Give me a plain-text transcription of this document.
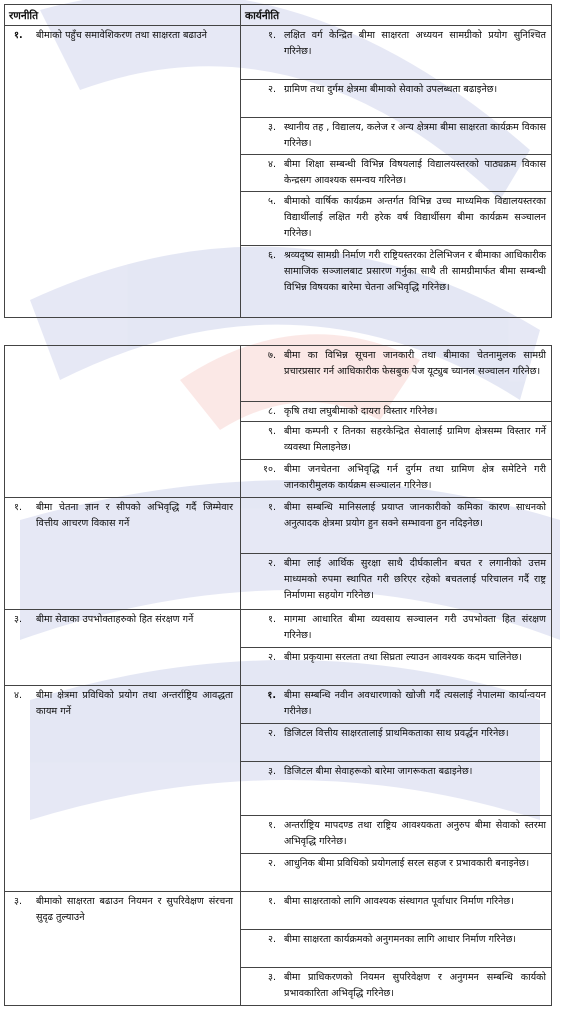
रणनीति	कार्यनीति

१. बीमाको पहुँच समावेशिकरण तथा साक्षरता बढाउने	१. लक्षित वर्ग केन्द्रित बीमा साक्षरता अध्ययन सामग्रीको प्रयोग सुनिश्चित गरिनेछ।

	२. ग्रामिण तथा दुर्गम क्षेत्रमा बीमाको सेवाको उपलब्धता बढाइनेछ।

	३. स्थानीय तह , विद्यालय, कलेज र अन्य क्षेत्रमा बीमा साक्षरता कार्यक्रम विकास गरिनेछ।

	४. बीमा शिक्षा सम्बन्धी विभिन्न विषयलाई विद्यालयस्तरको पाठ्यक्रम विकास केन्द्रसग आवश्यक समन्वय गरिनेछ।

	५. बीमाको वार्षिक कार्यक्रम अन्तर्गत विभिन्न उच्च माध्यमिक विद्यालयस्तरका विद्यार्थीलाई लक्षित गरी हरेक वर्ष विद्यार्थीसग बीमा कार्यक्रम सञ्चालन गरिनेछ।

	६. श्रव्यदृष्य सामग्री निर्माण गरी राष्ट्रियस्तरका टेलिभिजन र बीमाका आधिकारीक सामाजिक सञ्जालबाट प्रसारण गर्नुका साथै ती सामग्रीमार्फत बीमा सम्बन्धी विभिन्न विषयका बारेमा चेतना अभिवृद्धि गरिनेछ।

	७. बीमा का विभिन्न सूचना जानकारी तथा बीमाका चेतनामुलक सामग्री प्रचारप्रसार गर्न आधिकारीक फेसबुक पेज यूट्युब च्यानल सञ्चालन गरिनेछ।

	८. कृषि तथा लघुबीमाको दायरा विस्तार गरिनेछ।

	९. बीमा कम्पनी र तिनका सहरकेन्द्रित सेवालाई ग्रामिण क्षेत्रसम्म विस्तार गर्ने व्यवस्था मिलाइनेछ।

	१०. बीमा जनचेतना अभिवृद्धि गर्न दुर्गम तथा ग्रामिण क्षेत्र समेटिने गरी जानकारीमुलक कार्यक्रम सञ्चालन गरिनेछ।

१. बीमा चेतना ज्ञान र सीपको अभिवृद्धि गर्दै जिम्मेवार वित्तीय आचरण विकास गर्ने	१. बीमा सम्बन्धि मानिसलाई प्रयाप्त जानकारीको कमिका कारण साधनको अनुत्पादक क्षेत्रमा प्रयोग हुन सक्ने सम्भावना हुन नदिइनेछ।

	२. बीमा लाई आर्थिक सुरक्षा साथै दीर्घकालीन बचत र लगानीको उत्तम माध्यमको रुपमा स्थापित गरी छरिएर रहेको बचतलाई परिचालन गर्दै राष्ट्र निर्माणमा सहयोग गरिनेछ।

३. बीमा सेवाका उपभोक्ताहरुको हित संरक्षण गर्ने	१. मागमा आधारित बीमा व्यवसाय सञ्चालन गरी उपभोक्ता हित संरक्षण गरिनेछ।

	२. बीमा प्रकृयामा सरलता तथा सिघ्रता ल्याउन आवश्यक कदम चालिनेछ।

४. बीमा क्षेत्रमा प्रविधिको प्रयोग तथा अन्तर्राष्ट्रिय आवद्धता कायम गर्ने	१. बीमा सम्बन्धि नवीन अवधारणाको खोजी गर्दै त्यसलाई नेपालमा कार्यान्वयन गरीनेछ।

	२. डिजिटल वित्तीय साक्षरतालाई प्राथमिकताका साथ प्रवर्द्धन गरिनेछ।

	३. डिजिटल बीमा सेवाहरूको बारेमा जागरूकता बढाइनेछ।

	१. अन्तर्राष्ट्रिय मापदण्ड तथा राष्ट्रिय आवश्यकता अनुरुप बीमा सेवाको स्तरमा अभिवृद्धि गरिनेछ।

	२. आधुनिक बीमा प्रविधिको प्रयोगलाई सरल सहज र प्रभावकारी बनाइनेछ।

३. बीमाको साक्षरता बढाउन नियमन र सुपरिवेक्षण संरचना सुदृढ तुल्याउने	१. बीमा साक्षरताको लागि आवश्यक संस्थागत पूर्वाधार निर्माण गरिनेछ।

	२. बीमा साक्षरता कार्यक्रमको अनुगमनका लागि आधार निर्माण गरिनेछ।

	३. बीमा प्राधिकरणको नियमन सुपरिवेक्षण र अनुगमन सम्बन्धि कार्यको प्रभावकारिता अभिवृद्धि गरिनेछ।
